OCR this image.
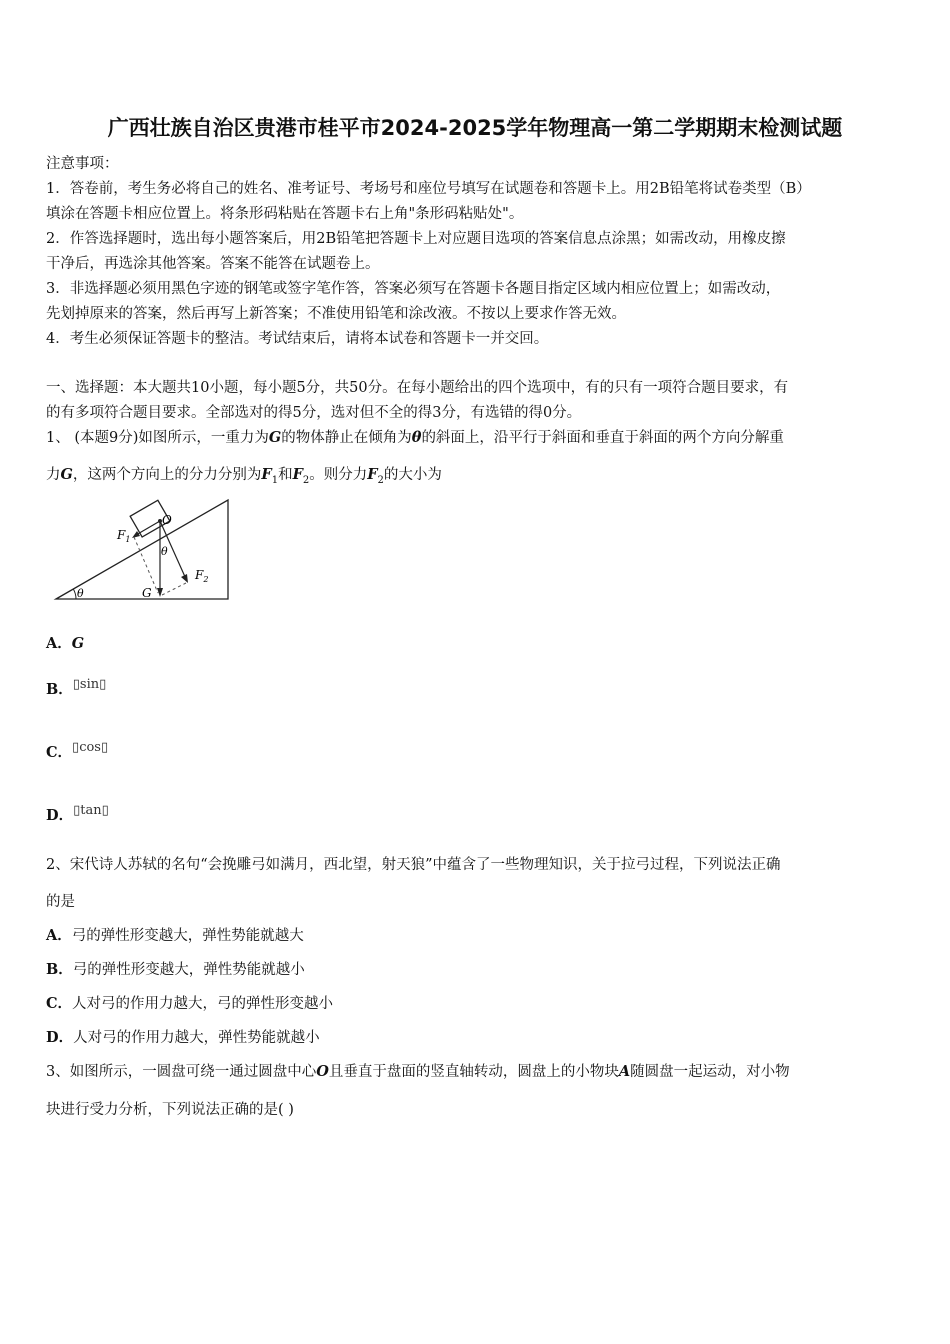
广西壮族自治区贵港市桂平市2024-2025学年物理高一第二学期期末检测试题
注意事项：
1．答卷前，考生务必将自己的姓名、准考证号、考场号和座位号填写在试题卷和答题卡上。用2B铅笔将试卷类型（B）
填涂在答题卡相应位置上。将条形码粘贴在答题卡右上角"条形码粘贴处"。
2．作答选择题时，选出每小题答案后，用2B铅笔把答题卡上对应题目选项的答案信息点涂黑；如需改动，用橡皮擦
干净后，再选涂其他答案。答案不能答在试题卷上。
3．非选择题必须用黑色字迹的钢笔或签字笔作答，答案必须写在答题卡各题目指定区域内相应位置上；如需改动，
先划掉原来的答案，然后再写上新答案；不准使用铅笔和涂改液。不按以上要求作答无效。
4．考生必须保证答题卡的整洁。考试结束后，请将本试卷和答题卡一并交回。
一、选择题：本大题共10小题，每小题5分，共50分。在每小题给出的四个选项中，有的只有一项符合题目要求，有
的有多项符合题目要求。全部选对的得5分，选对但不全的得3分，有选错的得0分。
1、 (本题9分)如图所示，一重力为G的物体静止在倾角为θ的斜面上，沿平行于斜面和垂直于斜面的两个方向分解重
力G，这两个方向上的分力分别为$F_1$和$F_2$。则分力$F_2$的大小为
O
$F_1$
$F_2$
θ
G
θ
A．G
B．▯sin▯
C．▯cos▯
D．▯tan▯
2、宋代诗人苏轼的名句“会挽雕弓如满月，西北望，射天狼”中蕴含了一些物理知识，关于拉弓过程，下列说法正确
的是
A．弓的弹性形变越大，弹性势能就越大
B．弓的弹性形变越大，弹性势能就越小
C．人对弓的作用力越大，弓的弹性形变越小
D．人对弓的作用力越大，弹性势能就越小
3、如图所示，一圆盘可绕一通过圆盘中心O且垂直于盘面的竖直轴转动，圆盘上的小物块A随圆盘一起运动，对小物
块进行受力分析，下列说法正确的是( )
